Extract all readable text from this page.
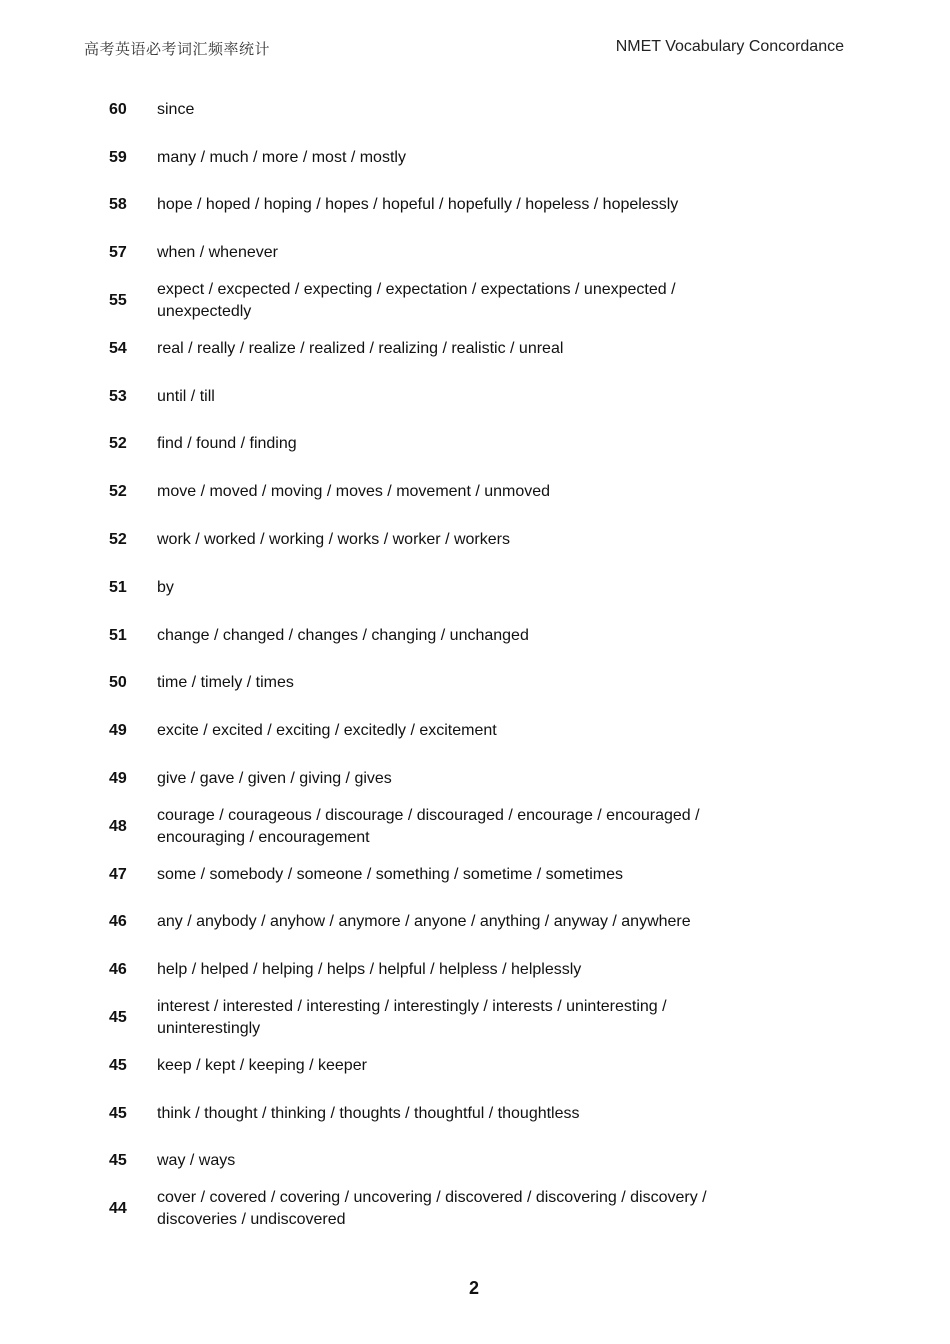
高考英语必考词汇频率统计	NMET Vocabulary Concordance
60 since
59 many / much / more / most / mostly
58 hope / hoped / hoping / hopes / hopeful / hopefully / hopeless / hopelessly
57 when / whenever
55
expect / excpected / expecting / expectation / expectations / unexpected / unexpectedly
54 real / really / realize / realized / realizing / realistic / unreal
53 until / till
52 find / found / finding
52 move / moved / moving / moves / movement / unmoved
52 work / worked / working / works / worker / workers
51 by
51 change / changed / changes / changing / unchanged
50 time / timely / times
49 excite / excited / exciting / excitedly / excitement
49 give / gave / given / giving / gives
48
courage / courageous / discourage / discouraged / encourage / encouraged / encouraging / encouragement
47 some / somebody / someone / something / sometime / sometimes
46 any / anybody / anyhow / anymore / anyone / anything / anyway / anywhere
46 help / helped / helping / helps / helpful / helpless / helplessly
45
interest / interested / interesting / interestingly / interests / uninteresting / uninterestingly
45 keep / kept / keeping / keeper
45 think / thought / thinking / thoughts / thoughtful / thoughtless
45 way / ways
44
cover / covered / covering / uncovering / discovered / discovering / discovery / discoveries / undiscovered
2
